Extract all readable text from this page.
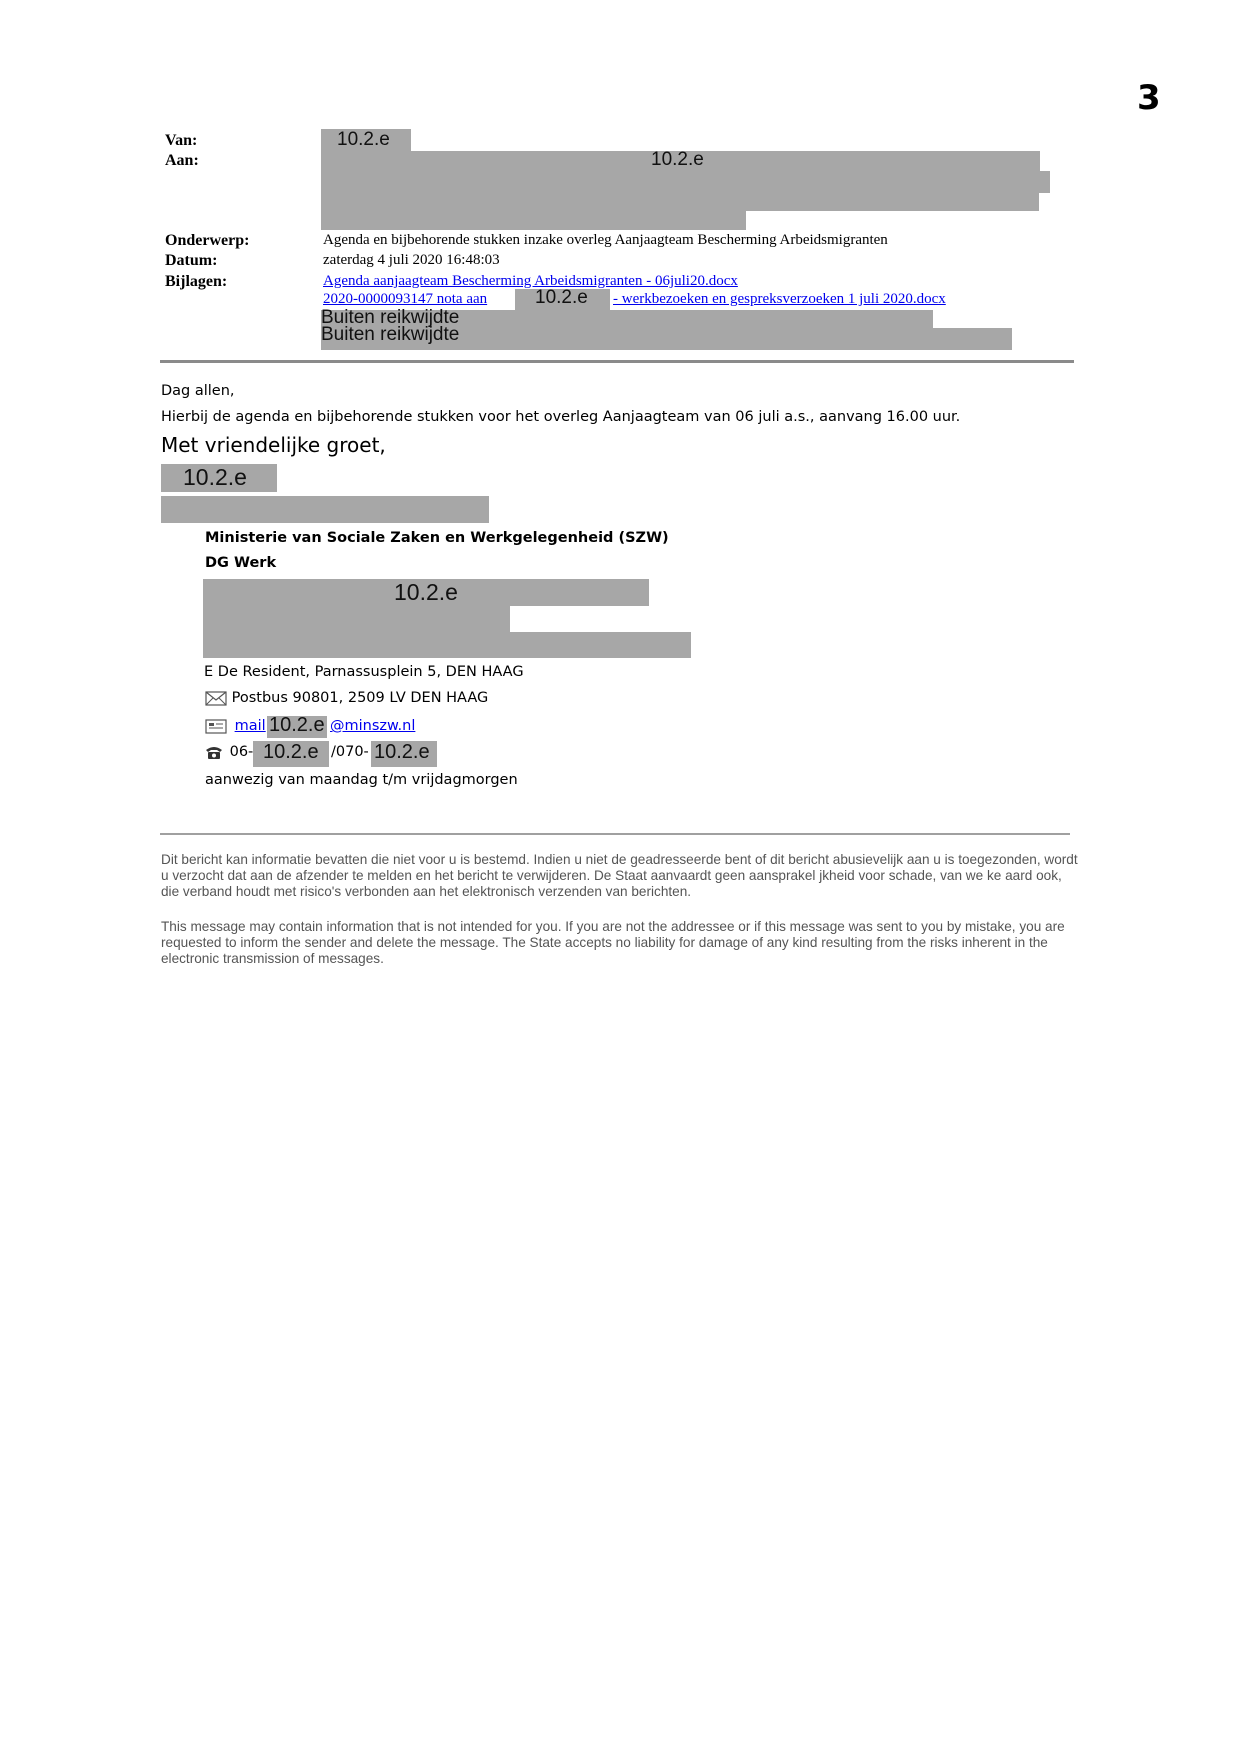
3
Van:
Aan:
Onderwerp:
Datum:
Bijlagen:
10.2.e
10.2.e
Agenda en bijbehorende stukken inzake overleg Aanjaagteam Bescherming Arbeidsmigranten
zaterdag 4 juli 2020 16:48:03
Agenda aanjaagteam Bescherming Arbeidsmigranten - 06juli20.docx
2020-0000093147 nota aan	10.2.e - werkbezoeken en gespreksverzoeken 1 juli 2020.docx
Buiten reikwijdte
Buiten reikwijdte
Dag allen,
Hierbij de agenda en bijbehorende stukken voor het overleg Aanjaagteam van 06 juli a.s., aanvang 16.00 uur.
Met vriendelijke groet,
10.2.e
Ministerie van Sociale Zaken en Werkgelegenheid (SZW)
DG Werk
10.2.e
E De Resident, Parnassusplein 5, DEN HAAG
Postbus 90801, 2509 LV DEN HAAG
mail 10.2.e @minszw.nl
06- 10.2.e /070- 10.2.e
aanwezig van maandag t/m vrijdagmorgen
Dit bericht kan informatie bevatten die niet voor u is bestemd. Indien u niet de geadresseerde bent of dit bericht abusievelijk aan u is toegezonden, wordt u verzocht dat aan de afzender te melden en het bericht te verwijderen. De Staat aanvaardt geen aansprakel jkheid voor schade, van we ke aard ook, die verband houdt met risico's verbonden aan het elektronisch verzenden van berichten.
This message may contain information that is not intended for you. If you are not the addressee or if this message was sent to you by mistake, you are requested to inform the sender and delete the message. The State accepts no liability for damage of any kind resulting from the risks inherent in the electronic transmission of messages.
